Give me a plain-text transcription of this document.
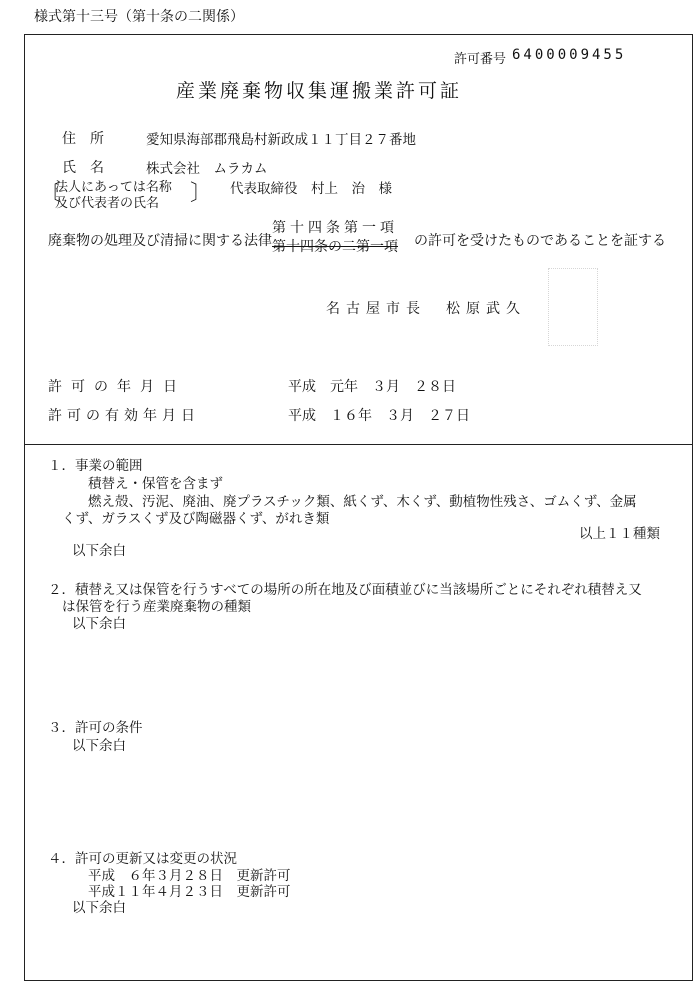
様式第十三号（第十条の二関係）
許可番号 6400009455
産業廃棄物収集運搬業許可証
住　所	愛知県海部郡飛島村新政成１１丁目２７番地
氏　名	株式会社　ムラカム
〔
法人にあっては名称
及び代表者の氏名 〕 代表取締役　村上　治　様
廃棄物の処理及び清掃に関する法律
第十四条第一項
第十四条の二第一項 の許可を受けたものであることを証する
名古屋市長　松原武久
許可の年月日	平成　元年　３月　２８日
許可の有効年月日	平成　１６年　３月　２７日
１．事業の範囲
積替え・保管を含まず
燃え殻、汚泥、廃油、廃プラスチック類、紙くず、木くず、動植物性残さ、ゴムくず、金属
くず、ガラスくず及び陶磁器くず、がれき類
以上１１種類
以下余白
２．積替え又は保管を行うすべての場所の所在地及び面積並びに当該場所ごとにそれぞれ積替え又
は保管を行う産業廃棄物の種類
以下余白
３．許可の条件
以下余白
４．許可の更新又は変更の状況
平成　６年３月２８日　更新許可
平成１１年４月２３日　更新許可
以下余白
